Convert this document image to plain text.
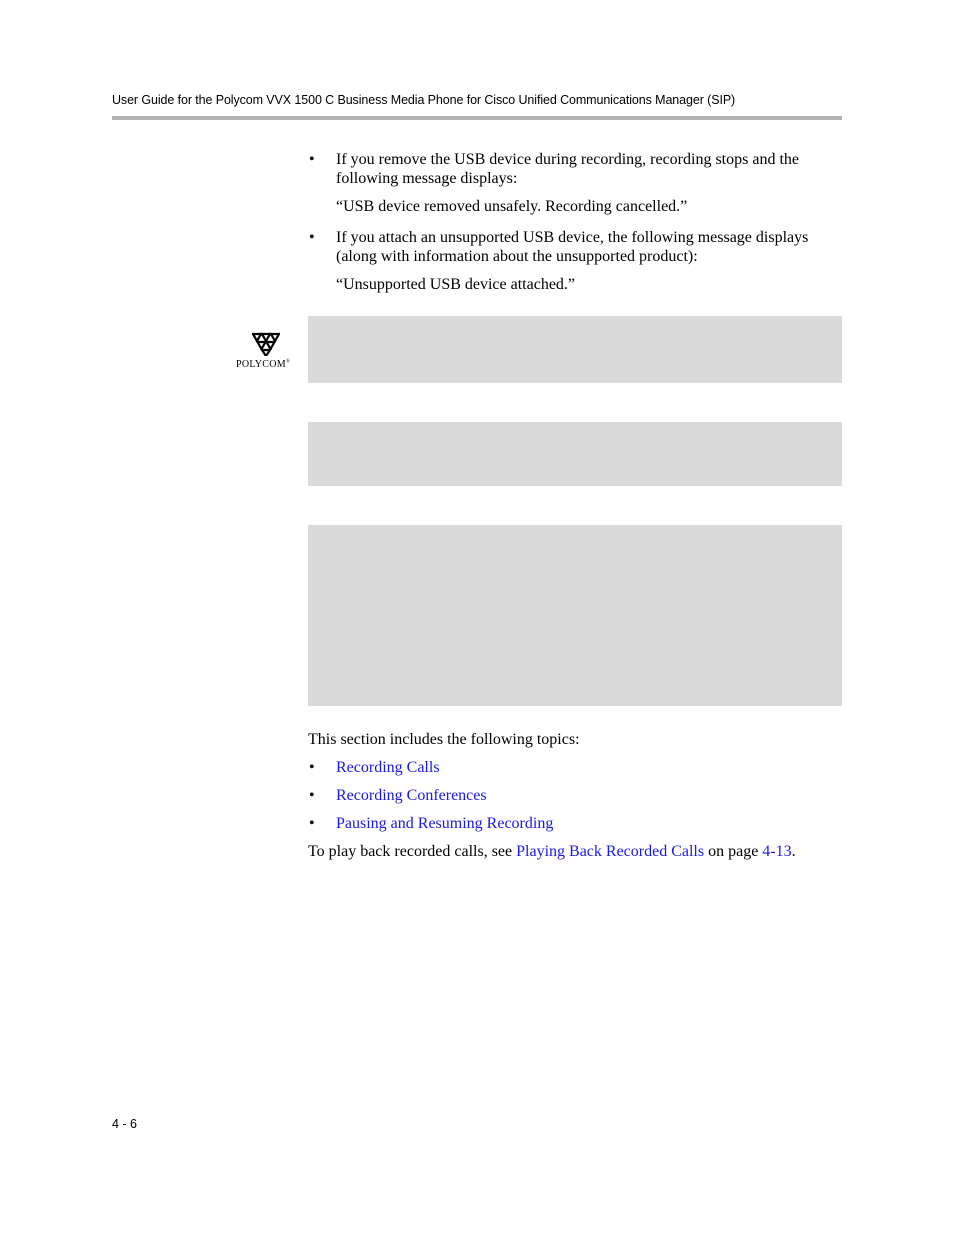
User Guide for the Polycom VVX 1500 C Business Media Phone for Cisco Unified Communications Manager (SIP)
• If you remove the USB device during recording, recording stops and the following message displays:
“USB device removed unsafely. Recording cancelled.”
• If you attach an unsupported USB device, the following message displays (along with information about the unsupported product):
“Unsupported USB device attached.”
POLYCOM®
This section includes the following topics:
• Recording Calls
• Recording Conferences
• Pausing and Resuming Recording
To play back recorded calls, see Playing Back Recorded Calls on page 4-13.
4 - 6
